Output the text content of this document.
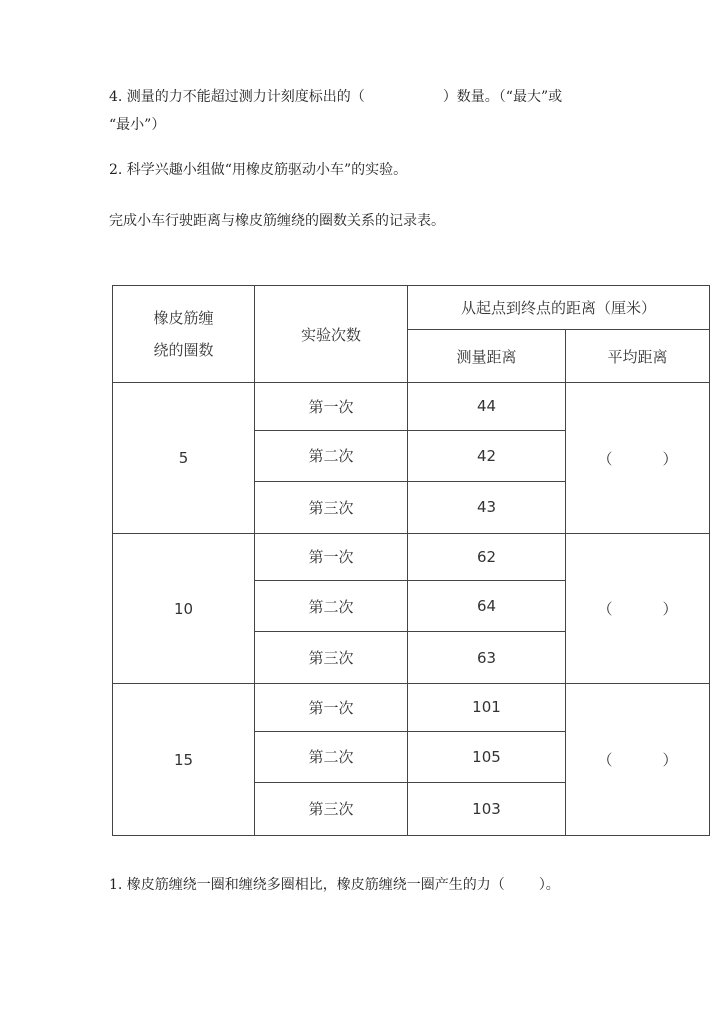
4. 测量的力不能超过测力计刻度标出的（	）数量。（“最大”或
“最小”）
2. 科学兴趣小组做“用橡皮筋驱动小车”的实验。
完成小车行驶距离与橡皮筋缠绕的圈数关系的记录表。
橡皮筋缠
绕的圈数	实验次数	从起点到终点的距离（厘米）	
		测量距离	平均距离
5	第一次	44	（ ）
	第二次	42	
	第三次	43	
10	第一次	62	（ ）
	第二次	64	
	第三次	63	
15	第一次	101	（ ）
	第二次	105	
	第三次	103	
1. 橡皮筋缠绕一圈和缠绕多圈相比，橡皮筋缠绕一圈产生的力（ ）。
